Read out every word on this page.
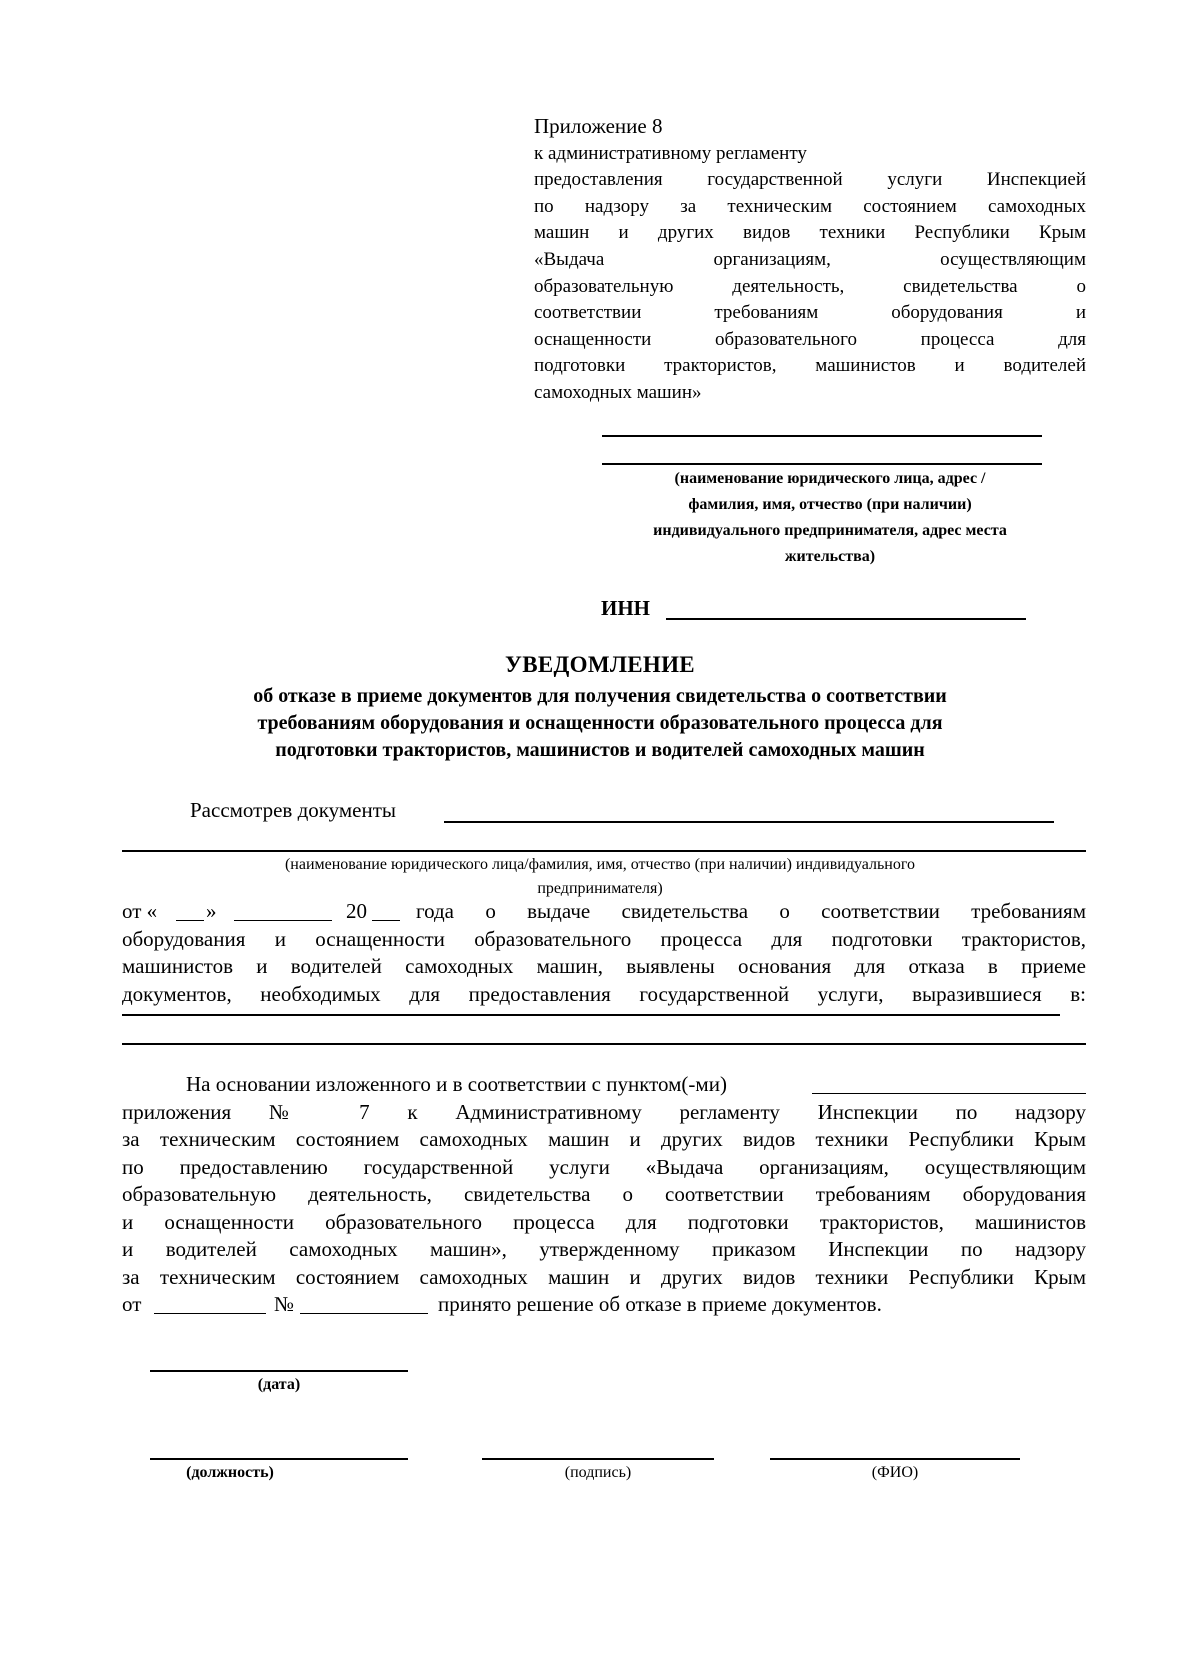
Приложение 8
к административному регламенту
предоставления государственной услуги Инспекцией
по надзору за техническим состоянием самоходных
машин и других видов техники Республики Крым
«Выдача организациям, осуществляющим
образовательную деятельность, свидетельства о
соответствии требованиям оборудования и
оснащенности образовательного процесса для
подготовки трактористов, машинистов и водителей
самоходных машин»
(наименование юридического лица, адрес /
фамилия, имя, отчество (при наличии)
индивидуального предпринимателя, адрес места
жительства)
ИНН
УВЕДОМЛЕНИЕ
об отказе в приеме документов для получения свидетельства о соответствии
требованиям оборудования и оснащенности образовательного процесса для
подготовки трактористов, машинистов и водителей самоходных машин
Рассмотрев документы
(наименование юридического лица/фамилия, имя, отчество (при наличии) индивидуального
предпринимателя)
от « »	20 года о выдаче свидетельства о соответствии требованиям
оборудования и оснащенности образовательного процесса для подготовки трактористов,
машинистов и водителей самоходных машин, выявлены основания для отказа в приеме
документов, необходимых для предоставления государственной услуги, выразившиеся в:
На основании изложенного и в соответствии с пунктом(-ми)
приложения № 7 к Административному регламенту Инспекции по надзору
за техническим состоянием самоходных машин и других видов техники Республики Крым
по предоставлению государственной услуги «Выдача организациям, осуществляющим
образовательную деятельность, свидетельства о соответствии требованиям оборудования
и оснащенности образовательного процесса для подготовки трактористов, машинистов
и водителей самоходных машин», утвержденному приказом Инспекции по надзору
за техническим состоянием самоходных машин и других видов техники Республики Крым
от	№	принято решение об отказе в приеме документов.
(дата)
(должность)	(подпись)	(ФИО)
